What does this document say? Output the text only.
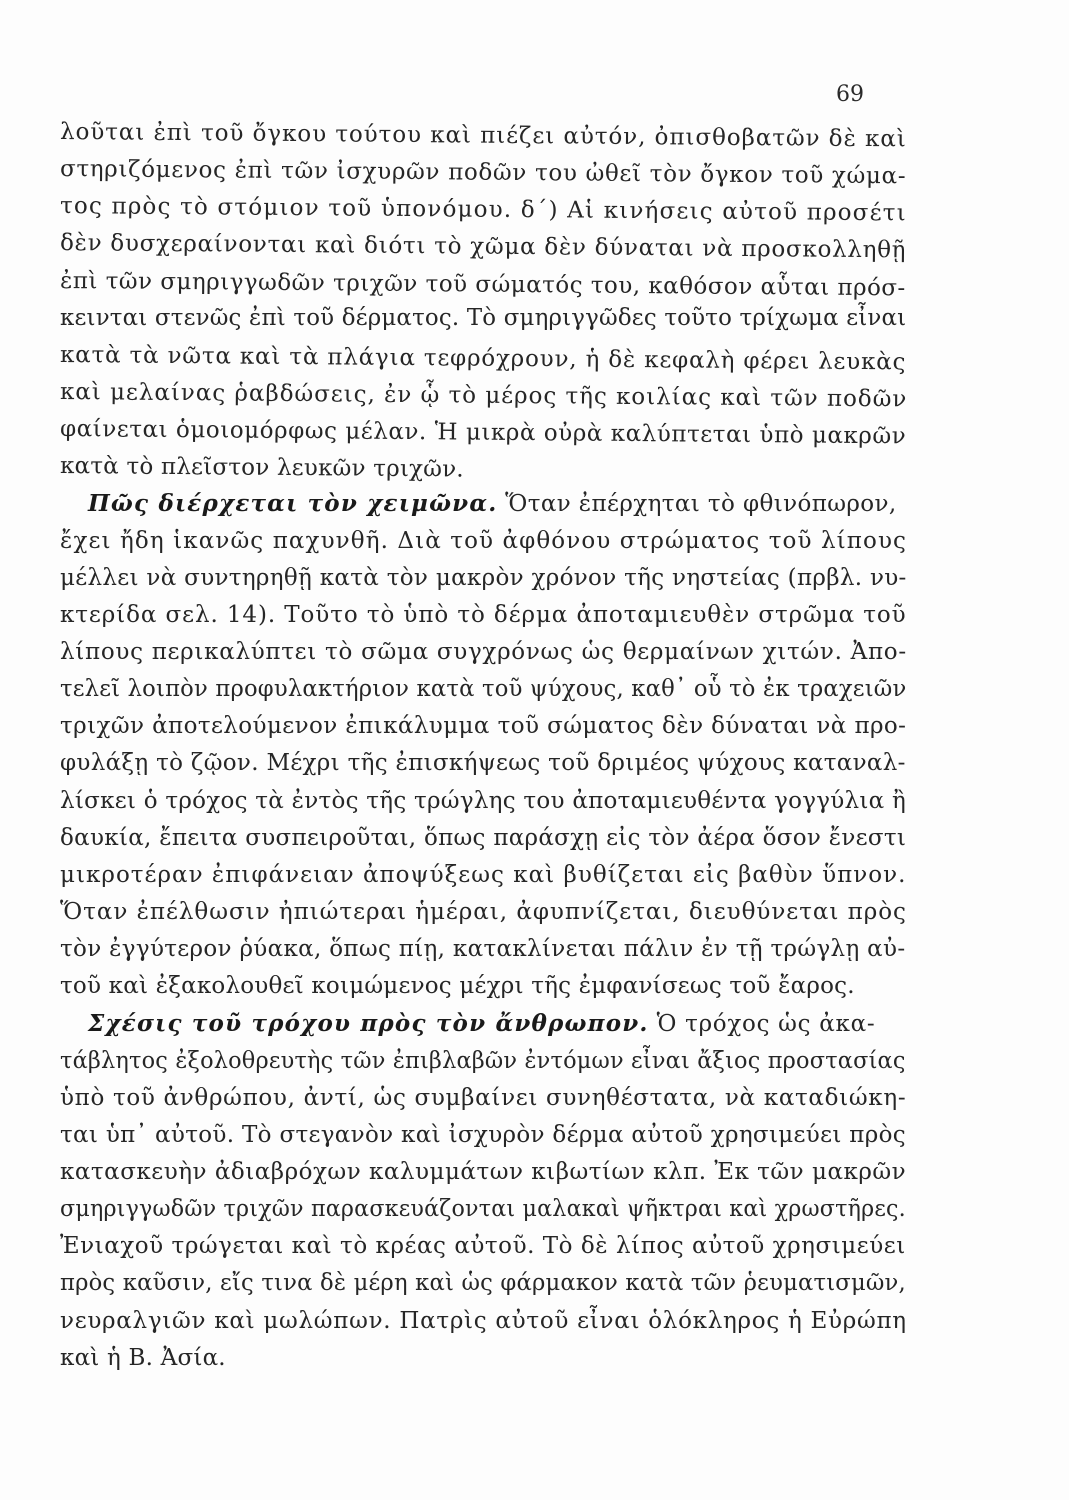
69
λοῦται ἐπὶ τοῦ ὄγκου τούτου καὶ πιέζει αὐτόν, ὀπισθοβατῶν δὲ καὶ
στηριζόμενος ἐπὶ τῶν ἰσχυρῶν ποδῶν του ὠθεῖ τὸν ὄγκον τοῦ χώμα-
τος πρὸς τὸ στόμιον τοῦ ὑπονόμου. δ΄) Αἱ κινήσεις αὐτοῦ προσέτι
δὲν δυσχεραίνονται καὶ διότι τὸ χῶμα δὲν δύναται νὰ προσκολληθῇ
ἐπὶ τῶν σμηριγγωδῶν τριχῶν τοῦ σώματός του, καθόσον αὗται πρόσ-
κεινται στενῶς ἐπὶ τοῦ δέρματος. Τὸ σμηριγγῶδες τοῦτο τρίχωμα εἶναι
κατὰ τὰ νῶτα καὶ τὰ πλάγια τεφρόχρουν, ἡ δὲ κεφαλὴ φέρει λευκὰς
καὶ μελαίνας ῥαβδώσεις, ἐν ᾧ τὸ μέρος τῆς κοιλίας καὶ τῶν ποδῶν
φαίνεται ὁμοιομόρφως μέλαν. Ἡ μικρὰ οὐρὰ καλύπτεται ὑπὸ μακρῶν
κατὰ τὸ πλεῖστον λευκῶν τριχῶν.
Πῶς διέρχεται τὸν χειμῶνα. Ὅταν ἐπέρχηται τὸ φθινόπωρον,
ἔχει ἤδη ἱκανῶς παχυνθῆ. Διὰ τοῦ ἀφθόνου στρώματος τοῦ λίπους
μέλλει νὰ συντηρηθῇ κατὰ τὸν μακρὸν χρόνον τῆς νηστείας (πρβλ. νυ-
κτερίδα σελ. 14). Τοῦτο τὸ ὑπὸ τὸ δέρμα ἀποταμιευθὲν στρῶμα τοῦ
λίπους περικαλύπτει τὸ σῶμα συγχρόνως ὡς θερμαίνων χιτών. Ἀπο-
τελεῖ λοιπὸν προφυλακτήριον κατὰ τοῦ ψύχους, καθ᾽ οὗ τὸ ἐκ τραχειῶν
τριχῶν ἀποτελούμενον ἐπικάλυμμα τοῦ σώματος δὲν δύναται νὰ προ-
φυλάξῃ τὸ ζῷον. Μέχρι τῆς ἐπισκήψεως τοῦ δριμέος ψύχους καταναλ-
λίσκει ὁ τρόχος τὰ ἐντὸς τῆς τρώγλης του ἀποταμιευθέντα γογγύλια ἢ
δαυκία, ἔπειτα συσπειροῦται, ὅπως παράσχῃ εἰς τὸν ἀέρα ὅσον ἔνεστι
μικροτέραν ἐπιφάνειαν ἀποψύξεως καὶ βυθίζεται εἰς βαθὺν ὕπνον.
Ὅταν ἐπέλθωσιν ἠπιώτεραι ἡμέραι, ἀφυπνίζεται, διευθύνεται πρὸς
τὸν ἐγγύτερον ῥύακα, ὅπως πίῃ, κατακλίνεται πάλιν ἐν τῇ τρώγλῃ αὐ-
τοῦ καὶ ἐξακολουθεῖ κοιμώμενος μέχρι τῆς ἐμφανίσεως τοῦ ἔαρος.
Σχέσις τοῦ τρόχου πρὸς τὸν ἄνθρωπον. Ὁ τρόχος ὡς ἀκα-
τάβλητος ἐξολοθρευτὴς τῶν ἐπιβλαβῶν ἐντόμων εἶναι ἄξιος προστασίας
ὑπὸ τοῦ ἀνθρώπου, ἀντί, ὡς συμβαίνει συνηθέστατα, νὰ καταδιώκη-
ται ὑπ᾽ αὐτοῦ. Τὸ στεγανὸν καὶ ἰσχυρὸν δέρμα αὐτοῦ χρησιμεύει πρὸς
κατασκευὴν ἀδιαβρόχων καλυμμάτων κιβωτίων κλπ. Ἐκ τῶν μακρῶν
σμηριγγωδῶν τριχῶν παρασκευάζονται μαλακαὶ ψῆκτραι καὶ χρωστῆρες.
Ἐνιαχοῦ τρώγεται καὶ τὸ κρέας αὐτοῦ. Τὸ δὲ λίπος αὐτοῦ χρησιμεύει
πρὸς καῦσιν, εἴς τινα δὲ μέρη καὶ ὡς φάρμακον κατὰ τῶν ῥευματισμῶν,
νευραλγιῶν καὶ μωλώπων. Πατρὶς αὐτοῦ εἶναι ὁλόκληρος ἡ Εὐρώπη
καὶ ἡ Β. Ἀσία.
